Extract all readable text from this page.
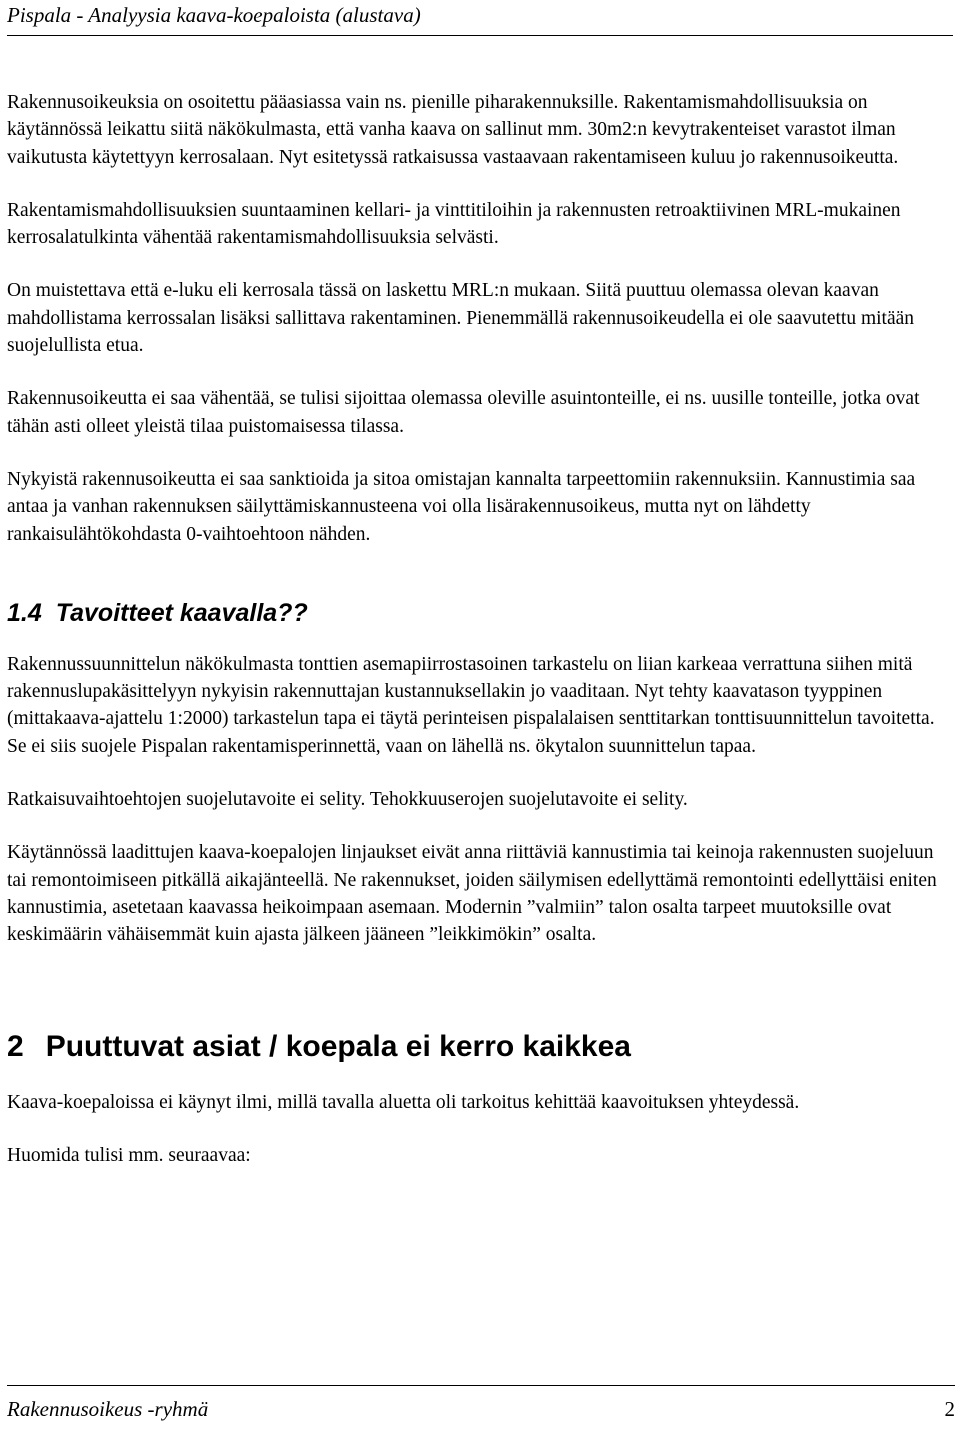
Pispala - Analyysia kaava-koepaloista (alustava)

Rakennusoikeuksia on osoitettu pääasiassa vain ns. pienille piharakennuksille. Rakentamismahdollisuuksia on käytännössä leikattu siitä näkökulmasta, että vanha kaava on sallinut mm. 30m2:n kevytrakenteiset varastot ilman vaikutusta käytettyyn kerrosalaan. Nyt esitetyssä ratkaisussa vastaavaan rakentamiseen kuluu jo rakennusoikeutta.

Rakentamismahdollisuuksien suuntaaminen kellari- ja vinttitiloihin ja rakennusten retroaktiivinen MRL-mukainen kerrosalatulkinta vähentää rakentamismahdollisuuksia selvästi.

On muistettava että e-luku eli kerrosala tässä on laskettu MRL:n mukaan. Siitä puuttuu olemassa olevan kaavan mahdollistama kerrossalan lisäksi sallittava rakentaminen. Pienemmällä rakennusoikeudella ei ole saavutettu mitään suojelullista etua.

Rakennusoikeutta ei saa vähentää, se tulisi sijoittaa olemassa oleville asuintonteille, ei ns. uusille tonteille, jotka ovat tähän asti olleet yleistä tilaa puistomaisessa tilassa.

Nykyistä rakennusoikeutta ei saa sanktioida ja sitoa omistajan kannalta tarpeettomiin rakennuksiin. Kannustimia saa antaa ja vanhan rakennuksen säilyttämiskannusteena voi olla lisärakennusoikeus, mutta nyt on lähdetty rankaisulähtökohdasta 0-vaihtoehtoon nähden.

1.4 Tavoitteet kaavalla??

Rakennussuunnittelun näkökulmasta tonttien asemapiirrostasoinen tarkastelu on liian karkeaa verrattuna siihen mitä rakennuslupakäsittelyyn nykyisin rakennuttajan kustannuksellakin jo vaaditaan. Nyt tehty kaavatason tyyppinen (mittakaava-ajattelu 1:2000) tarkastelun tapa ei täytä perinteisen pispalalaisen senttitarkan tonttisuunnittelun tavoitetta. Se ei siis suojele Pispalan rakentamisperinnettä, vaan on lähellä ns. ökytalon suunnittelun tapaa.

Ratkaisuvaihtoehtojen suojelutavoite ei selity. Tehokkuuserojen suojelutavoite ei selity.

Käytännössä laadittujen kaava-koepalojen linjaukset eivät anna riittäviä kannustimia tai keinoja rakennusten suojeluun tai remontoimiseen pitkällä aikajänteellä. Ne rakennukset, joiden säilymisen edellyttämä remontointi edellyttäisi eniten kannustimia, asetetaan kaavassa heikoimpaan asemaan. Modernin ”valmiin” talon osalta tarpeet muutoksille ovat keskimäärin vähäisemmät kuin ajasta jälkeen jääneen ”leikkimökin” osalta.

2 Puuttuvat asiat / koepala ei kerro kaikkea

Kaava-koepaloissa ei käynyt ilmi, millä tavalla aluetta oli tarkoitus kehittää kaavoituksen yhteydessä.

Huomida tulisi mm. seuraavaa:

Rakennusoikeus -ryhmä	2
